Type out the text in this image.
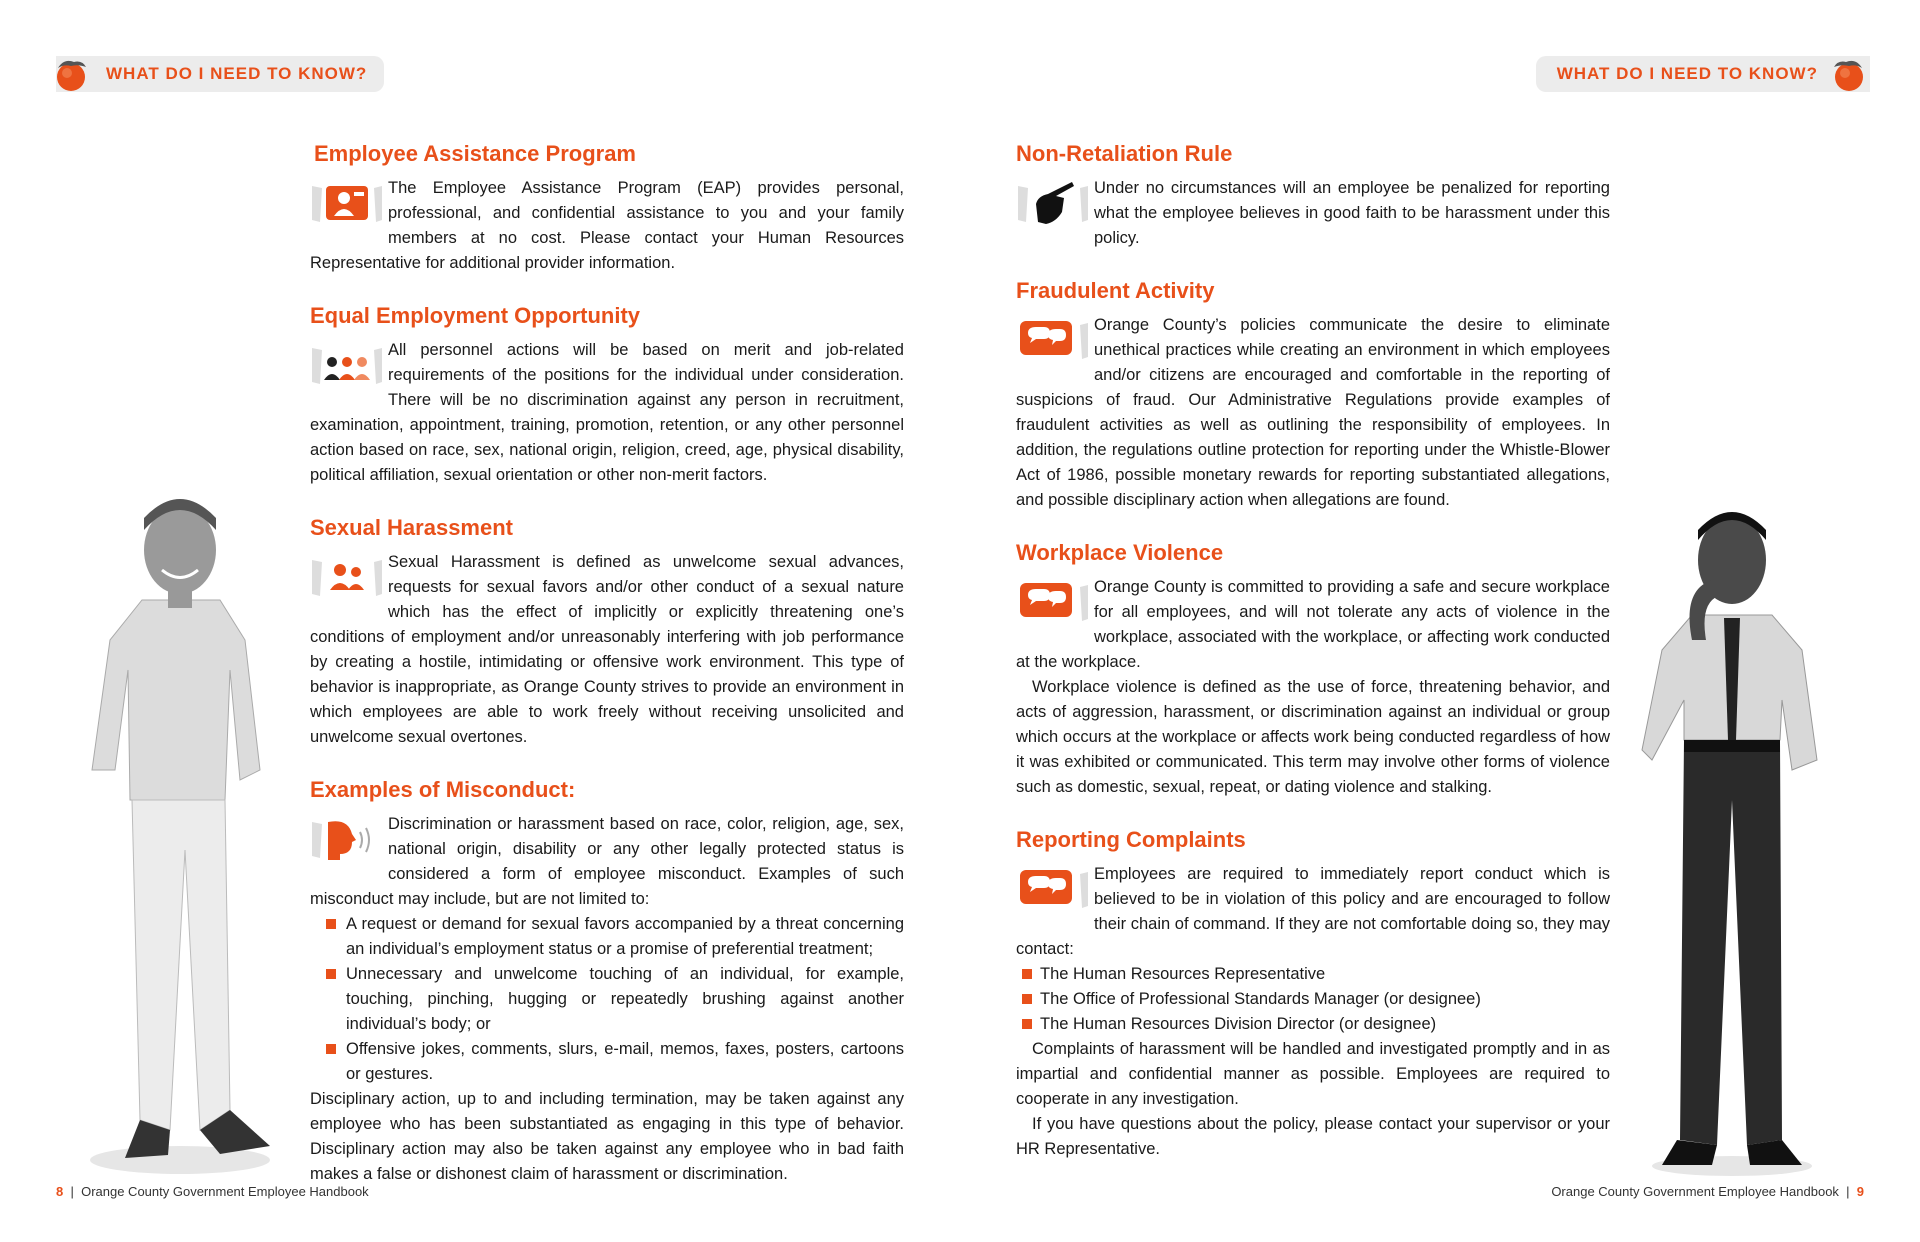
WHAT DO I NEED TO KNOW?	WHAT DO I NEED TO KNOW?
Employee Assistance Program

The Employee Assistance Program (EAP) provides personal, professional, and confidential assistance to you and your family members at no cost. Please contact your Human Resources Representative for additional provider information.

Equal Employment Opportunity

All personnel actions will be based on merit and job-related requirements of the positions for the individual under consideration. There will be no discrimination against any person in recruitment, examination, appointment, training, promotion, retention, or any other personnel action based on race, sex, national origin, religion, creed, age, physical disability, political affiliation, sexual orientation or other non-merit factors.

Sexual Harassment

Sexual Harassment is defined as unwelcome sexual advances, requests for sexual favors and/or other conduct of a sexual nature which has the effect of implicitly or explicitly threatening one’s conditions of employment and/or unreasonably interfering with job performance by creating a hostile, intimidating or offensive work environment. This type of behavior is inappropriate, as Orange County strives to provide an environment in which employees are able to work freely without receiving unsolicited and unwelcome sexual overtones.

Examples of Misconduct:

Discrimination or harassment based on race, color, religion, age, sex, national origin, disability or any other legally protected status is considered a form of employee misconduct. Examples of such misconduct may include, but are not limited to:

A request or demand for sexual favors accompanied by a threat concerning an individual’s employment status or a promise of preferential treatment;
Unnecessary and unwelcome touching of an individual, for example, touching, pinching, hugging or repeatedly brushing against another individual’s body; or
Offensive jokes, comments, slurs, e-mail, memos, faxes, posters, cartoons or gestures.

Disciplinary action, up to and including termination, may be taken against any employee who has been substantiated as engaging in this type of behavior. Disciplinary action may also be taken against any employee who in bad faith makes a false or dishonest claim of harassment or discrimination.

Non-Retaliation Rule

Under no circumstances will an employee be penalized for reporting what the employee believes in good faith to be harassment under this policy.

Fraudulent Activity

Orange County’s policies communicate the desire to eliminate unethical practices while creating an environment in which employees and/or citizens are encouraged and comfortable in the reporting of suspicions of fraud. Our Administrative Regulations provide examples of fraudulent activities as well as outlining the responsibility of employees. In addition, the regulations outline protection for reporting under the Whistle-Blower Act of 1986, possible monetary rewards for reporting substantiated allegations, and possible disciplinary action when allegations are found.

Workplace Violence

Orange County is committed to providing a safe and secure workplace for all employees, and will not tolerate any acts of violence in the workplace, associated with the workplace, or affecting work conducted at the workplace.

Workplace violence is defined as the use of force, threatening behavior, and acts of aggression, harassment, or discrimination against an individual or group which occurs at the workplace or affects work being conducted regardless of how it was exhibited or communicated. This term may involve other forms of violence such as domestic, sexual, repeat, or dating violence and stalking.

Reporting Complaints

Employees are required to immediately report conduct which is believed to be in violation of this policy and are encouraged to follow their chain of command. If they are not comfortable doing so, they may contact:

The Human Resources Representative
The Office of Professional Standards Manager (or designee)
The Human Resources Division Director (or designee)

Complaints of harassment will be handled and investigated promptly and in as impartial and confidential manner as possible. Employees are required to cooperate in any investigation.

If you have questions about the policy, please contact your supervisor or your HR Representative.

8  |  Orange County Government Employee Handbook	Orange County Government Employee Handbook  |  9
